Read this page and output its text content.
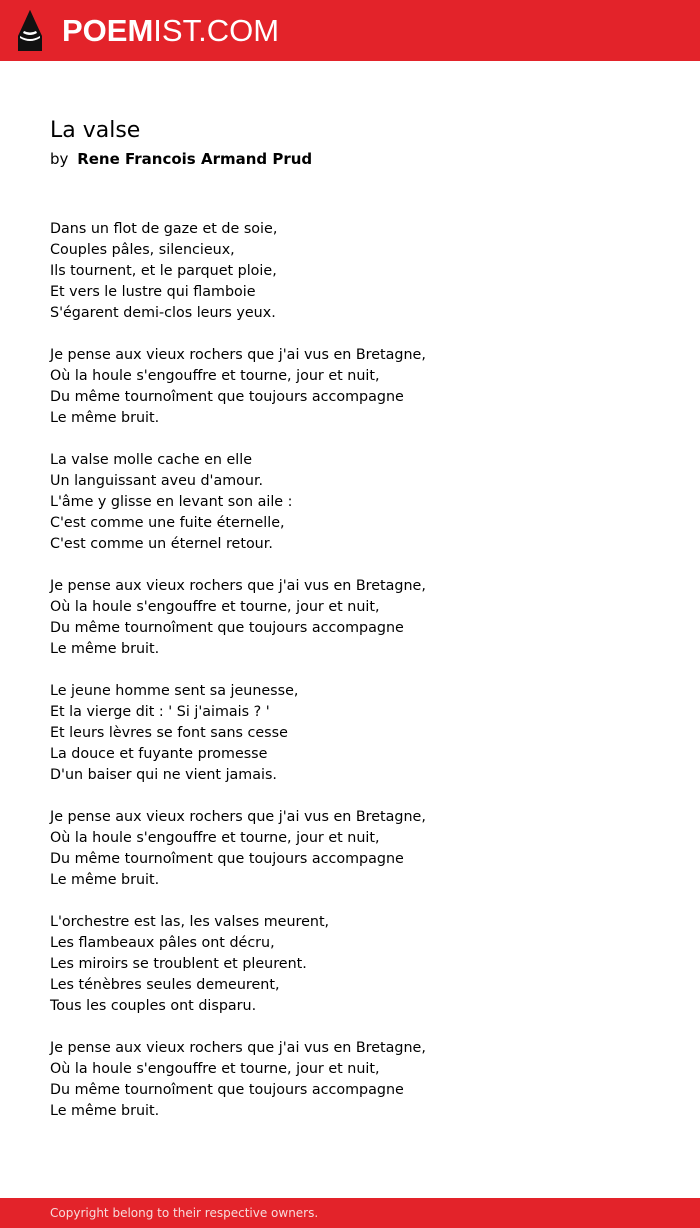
POEMIST.COM
La valse
by Rene Francois Armand Prud
Dans un flot de gaze et de soie,
Couples pâles, silencieux,
Ils tournent, et le parquet ploie,
Et vers le lustre qui flamboie
S'égarent demi-clos leurs yeux.
Je pense aux vieux rochers que j'ai vus en Bretagne,
Où la houle s'engouffre et tourne, jour et nuit,
Du même tournoîment que toujours accompagne
Le même bruit.
La valse molle cache en elle
Un languissant aveu d'amour.
L'âme y glisse en levant son aile :
C'est comme une fuite éternelle,
C'est comme un éternel retour.
Je pense aux vieux rochers que j'ai vus en Bretagne,
Où la houle s'engouffre et tourne, jour et nuit,
Du même tournoîment que toujours accompagne
Le même bruit.
Le jeune homme sent sa jeunesse,
Et la vierge dit : ' Si j'aimais ? '
Et leurs lèvres se font sans cesse
La douce et fuyante promesse
D'un baiser qui ne vient jamais.
Je pense aux vieux rochers que j'ai vus en Bretagne,
Où la houle s'engouffre et tourne, jour et nuit,
Du même tournoîment que toujours accompagne
Le même bruit.
L'orchestre est las, les valses meurent,
Les flambeaux pâles ont décru,
Les miroirs se troublent et pleurent.
Les ténèbres seules demeurent,
Tous les couples ont disparu.
Je pense aux vieux rochers que j'ai vus en Bretagne,
Où la houle s'engouffre et tourne, jour et nuit,
Du même tournoîment que toujours accompagne
Le même bruit.
Copyright belong to their respective owners.
